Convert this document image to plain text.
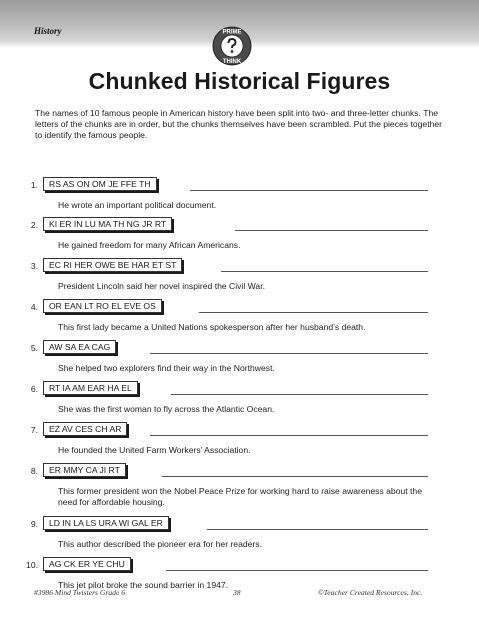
History	PRIME
THINK
Chunked Historical Figures
The names of 10 famous people in American history have been split into two- and three-letter chunks. The letters of the chunks are in order, but the chunks themselves have been scrambled. Put the pieces together to identify the famous people.
1.	RS AS ON OM JE FFE TH
He wrote an important political document.
2.	KI ER IN LU MA TH NG JR RT
He gained freedom for many African Americans.
3.	EC RI HER OWE BE HAR ET ST
President Lincoln said her novel inspired the Civil War.
4.	OR EAN LT RO EL EVE OS
This first lady became a United Nations spokesperson after her husband’s death.
5.	AW SA EA CAG
She helped two explorers find their way in the Northwest.
6.	RT IA AM EAR HA EL
She was the first woman to fly across the Atlantic Ocean.
7.	EZ AV CES CH AR
He founded the United Farm Workers’ Association.
8.	ER MMY CA JI RT
This former president won the Nobel Peace Prize for working hard to raise awareness about the need for affordable housing.
9.	LD IN LA LS URA WI GAL ER
This author described the pioneer era for her readers.
10.	AG CK ER YE CHU
This jet pilot broke the sound barrier in 1947.
#3986 Mind Twisters Grade 6	38	©Teacher Created Resources, Inc.
